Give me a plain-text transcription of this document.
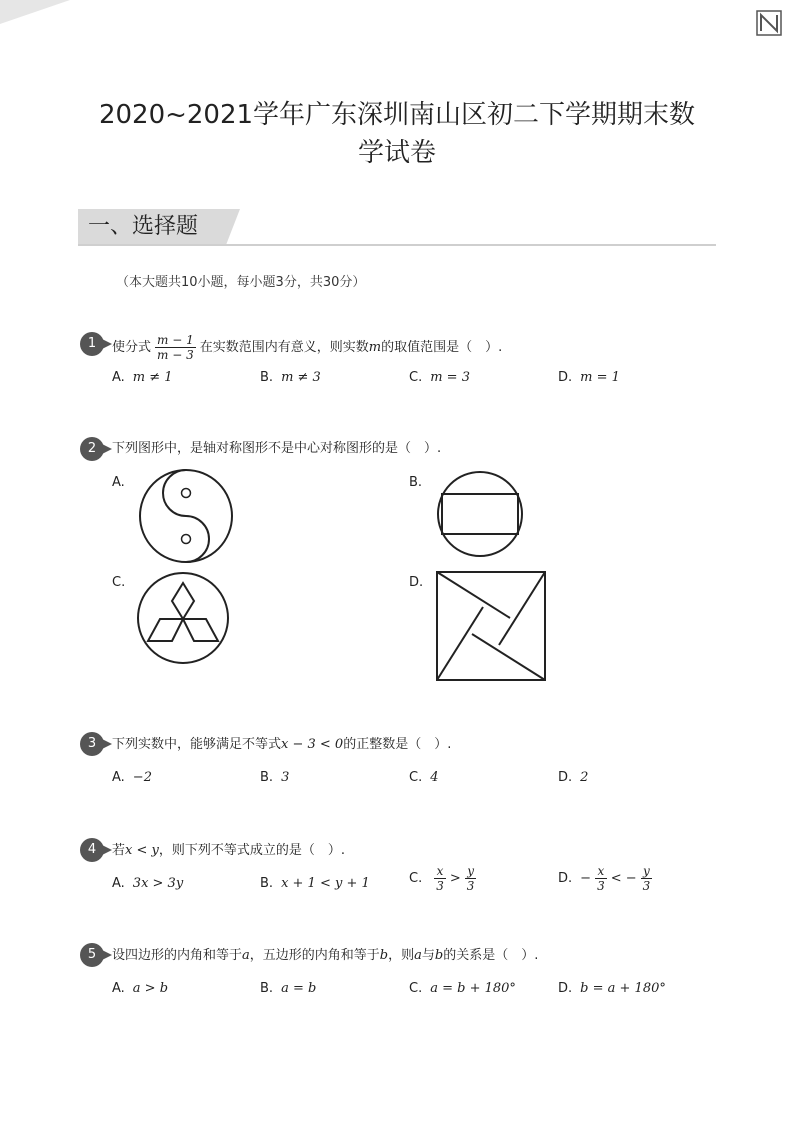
2020~2021学年广东深圳南山区初二下学期期末数
学试卷
一、选择题
（本大题共10小题，每小题3分，共30分）
1	使分式 $\frac{m - 1}{m - 3}$ 在实数范围内有意义，则实数m的取值范围是（　）.
A. m ≠ 1	B. m ≠ 3	C. m = 3	D. m = 1
2	下列图形中，是轴对称图形不是中心对称图形的是（　）.
A.	B.
C.	D.
3	下列实数中，能够满足不等式x − 3 < 0的正整数是（　）.
A. −2	B. 3	C. 4	D. 2
4	若x < y，则下列不等式成立的是（　）.
A. 3x > 3y	B. x + 1 < y + 1	C. $\frac{x}{3} > \frac{y}{3}$	D. − $\frac{x}{3}$ < − $\frac{y}{3}$
5	设四边形的内角和等于a，五边形的内角和等于b，则a与b的关系是（　）.
A. a > b	B. a = b	C. a = b + 180°	D. b = a + 180°
